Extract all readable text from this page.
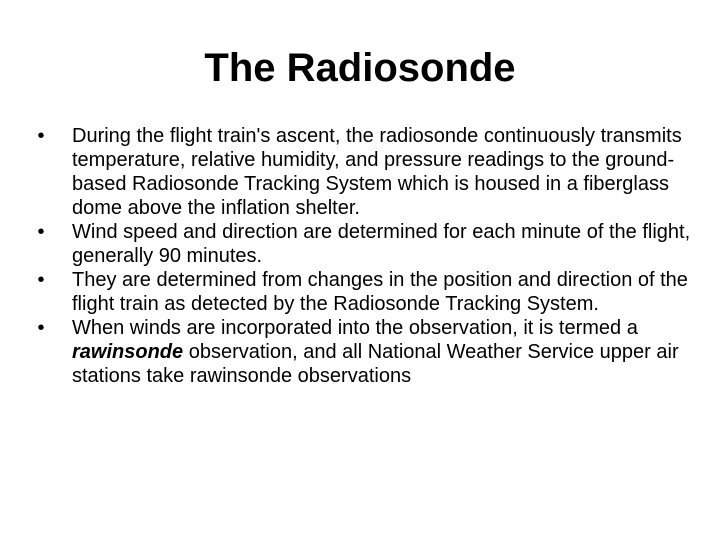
The Radiosonde
•	During the flight train's ascent, the radiosonde continuously transmits temperature, relative humidity, and pressure readings to the ground-based Radiosonde Tracking System which is housed in a fiberglass dome above the inflation shelter.
•	Wind speed and direction are determined for each minute of the flight, generally 90 minutes.
•	They are determined from changes in the position and direction of the flight train as detected by the Radiosonde Tracking System.
•	When winds are incorporated into the observation, it is termed a rawinsonde observation, and all National Weather Service upper air stations take rawinsonde observations
